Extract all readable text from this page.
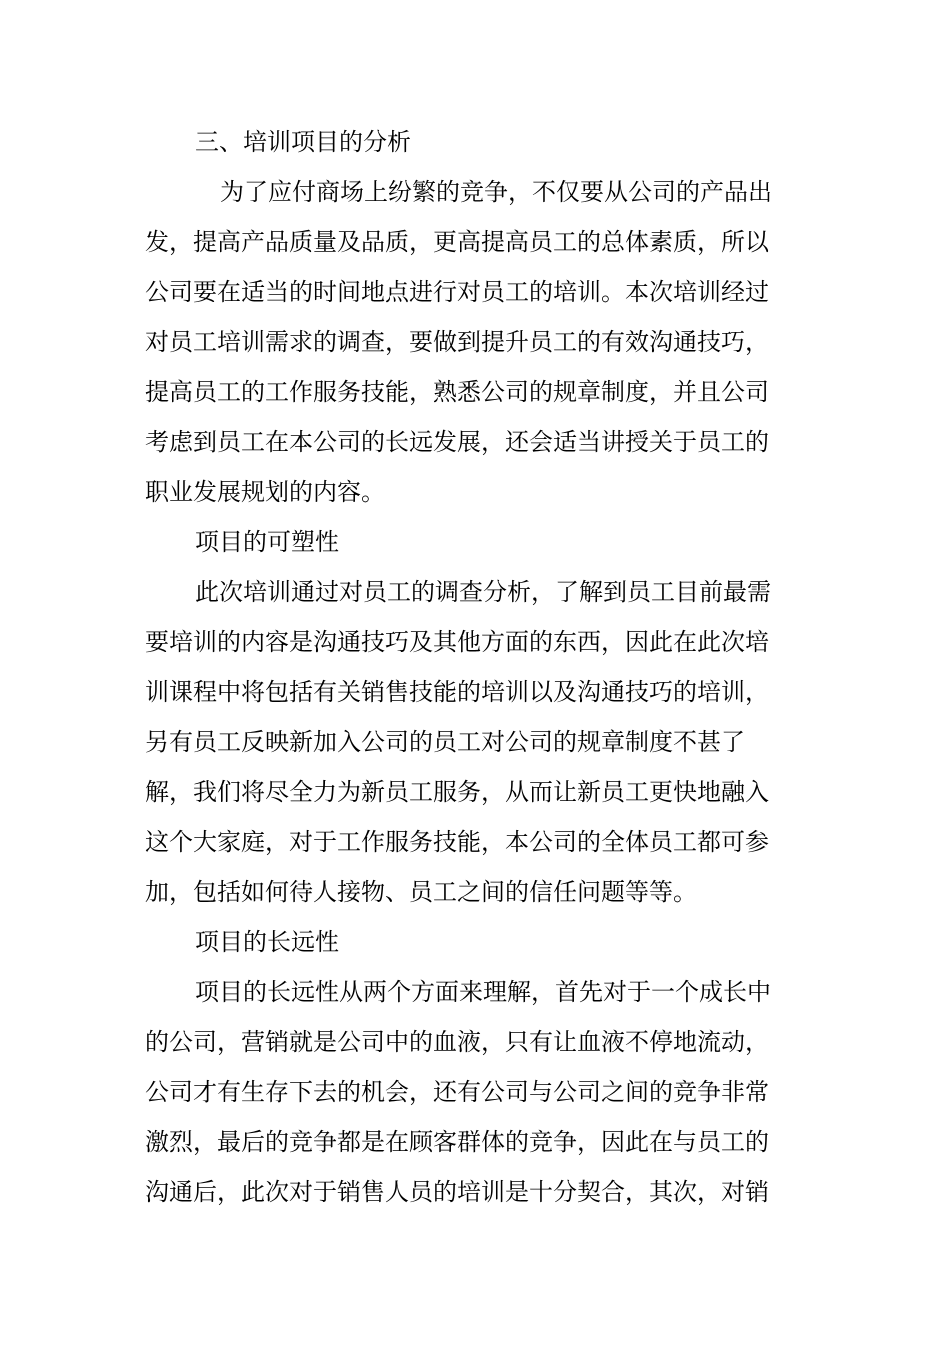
三、培训项目的分析
为了应付商场上纷繁的竞争，不仅要从公司的产品出
发，提高产品质量及品质，更高提高员工的总体素质，所以
公司要在适当的时间地点进行对员工的培训。本次培训经过
对员工培训需求的调查，要做到提升员工的有效沟通技巧，
提高员工的工作服务技能，熟悉公司的规章制度，并且公司
考虑到员工在本公司的长远发展，还会适当讲授关于员工的
职业发展规划的内容。
项目的可塑性
此次培训通过对员工的调查分析，了解到员工目前最需
要培训的内容是沟通技巧及其他方面的东西，因此在此次培
训课程中将包括有关销售技能的培训以及沟通技巧的培训，
另有员工反映新加入公司的员工对公司的规章制度不甚了
解，我们将尽全力为新员工服务，从而让新员工更快地融入
这个大家庭，对于工作服务技能，本公司的全体员工都可参
加，包括如何待人接物、员工之间的信任问题等等。
项目的长远性
项目的长远性从两个方面来理解，首先对于一个成长中
的公司，营销就是公司中的血液，只有让血液不停地流动，
公司才有生存下去的机会，还有公司与公司之间的竞争非常
激烈，最后的竞争都是在顾客群体的竞争，因此在与员工的
沟通后，此次对于销售人员的培训是十分契合，其次，对销
